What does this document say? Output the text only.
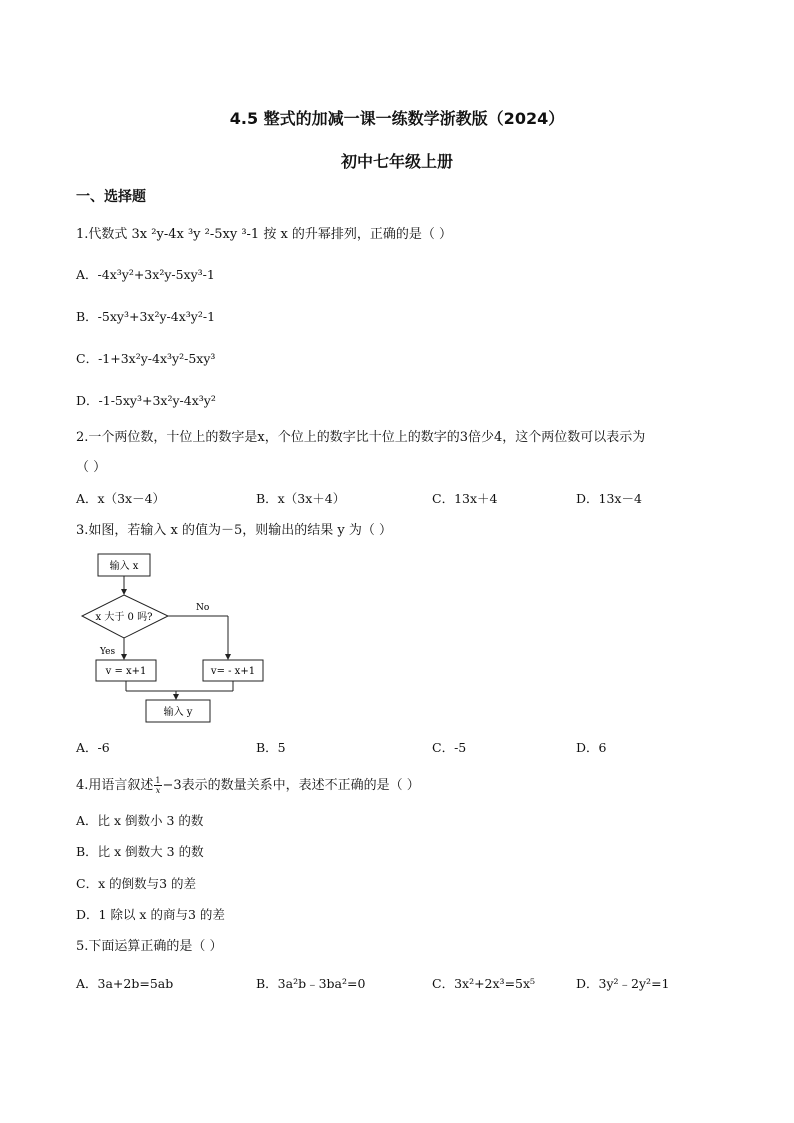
4.5 整式的加减一课一练数学浙教版（2024）
初中七年级上册
一、选择题
1.代数式 3x ²y-4x ³y ²-5xy ³-1 按 x 的升幂排列，正确的是（ ）
A．-4x³y²+3x²y-5xy³-1
B．-5xy³+3x²y-4x³y²-1
C．-1+3x²y-4x³y²-5xy³
D．-1-5xy³+3x²y-4x³y²
2.一个两位数，十位上的数字是x，个位上的数字比十位上的数字的3倍少4，这个两位数可以表示为
（ ）
A．x（3x－4）	B．x（3x＋4）	C．13x＋4	D．13x－4
3.如图，若输入 x 的值为－5，则输出的结果 y 为（ ）
输入 x
x 大于 0 吗?
No
Yes
v = x+1	v= - x+1
输入 y
A．-6	B．5	C．-5	D．6
4.用语言叙述 $\frac{1}{x} -3$表示的数量关系中，表述不正确的是（ ）
A．比 x 倒数小 3 的数
B．比 x 倒数大 3 的数
C．x 的倒数与3 的差
D．1 除以 x 的商与3 的差
5.下面运算正确的是（ ）
A．3a+2b=5ab	B．3a²b﹣3ba²=0	C．3x²+2x³=5x⁵	D．3y²﹣2y²=1
